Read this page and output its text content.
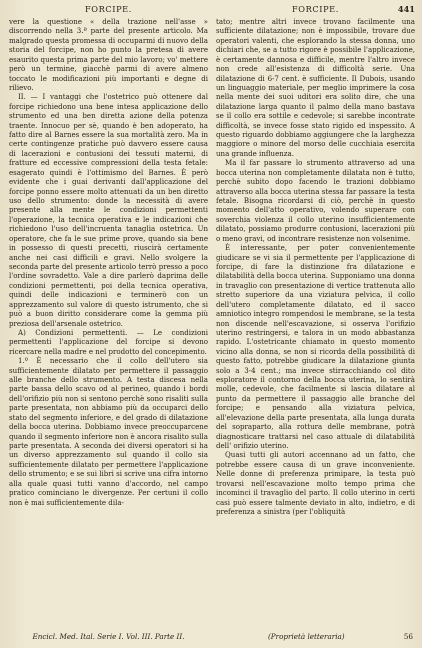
FORCIPE.	FORCIPE.	441

vere la questione « della trazione nell'asse » discorrendo nella 3.ª parte del presente articolo. Ma malgrado questa promessa di occuparmi di nuovo della storia del forcipe, non ho punto la pretesa di avere esaurito questa prima parte del mio lavoro; vo' mettere però un termine, giacchè parmi di avere almeno toccato le modificazioni più importanti e degne di rilievo.

II. — I vantaggi che l'ostetrico può ottenere dal forcipe richiedono una bene intesa applicazione dello strumento ed una ben diretta azione della potenza traente. Innocuo per sè, quando è ben adoperato, ha fatto dire al Barnes essere la sua mortalità zero. Ma in certe contingenze pratiche può davvero essere causa di lacerazioni e contusioni dei tessuti materni, di fratture ed eccessive compressioni della testa fetale: esagerato quindi è l'ottimismo del Barnes. È però evidente che i guai derivanti dall'applicazione del forcipe ponno essere molto attenuati da un ben diretto uso dello strumento: donde la necessità di avere presente alla mente le condizioni permettenti l'operazione, la tecnica operativa e le indicazioni che richiedono l'uso dell'incruenta tanaglia ostetrica. Un operatore, che fa le sue prime prove, quando sia bene in possesso di questi precetti, riuscirà certamente anche nei casi difficili e gravi. Nello svolgere la seconda parte del presente articolo terrò presso a poco l'ordine sovradetto. Vale a dire parlerò daprima delle condizioni permettenti, poi della tecnica operativa, quindi delle indicazioni e terminerò con un apprezzamento sul valore di questo istrumento, che si può a buon diritto considerare come la gemma più preziosa dell'arsenale ostetrico.

A) Condizioni permettenti. — Le condizioni permettenti l'applicazione del forcipe si devono ricercare nella madre e nel prodotto del concepimento.

1.º È necessario che il collo dell'utero sia sufficientemente dilatato per permettere il passaggio alle branche dello strumento. A testa discesa nella parte bassa dello scavo od al perineo, quando i bordi dell'orifizio più non si sentono perchè sono risaliti sulla parte presentata, non abbiamo più da occuparci dello stato del segmento inferiore, e del grado di dilatazione della bocca uterina. Dobbiamo invece preoccuparcene quando il segmento inferiore non è ancora risalito sulla parte presentata. A seconda dei diversi operatori si ha un diverso apprezzamento sul quando il collo sia sufficientemente dilatato per permettere l'applicazione dello strumento; e se sui libri si scrive una cifra intorno alla quale quasi tutti vanno d'accordo, nel campo pratico cominciano le divergenze. Per certuni il collo non è mai sufficientemente dila-

tato; mentre altri invece trovano facilmente una sufficiente dilatazione; non è impossibile, trovare due operatori valenti, che esplorando la stessa donna, uno dichiari che, se a tutto rigore è possibile l'applicazione, è certamente dannosa e difficile, mentre l'altro invece non crede all'esistenza di difficoltà serie. Una dilatazione di 6-7 cent. è sufficiente. Il Dubois, usando un linguaggio materiale, per meglio imprimere la cosa nella mente dei suoi uditori era solito dire, che una dilatazione larga quanto il palmo della mano bastava se il collo era sottile e cedevole; si sarebbe incontrate difficoltà, se invece fosse stato rigido ed inspessito. A questo riguardo dobbiamo aggiungere che la larghezza maggiore o minore del morso delle cucchiaia esercita una grande influenza.

Ma il far passare lo strumento attraverso ad una bocca uterina non completamente dilatata non è tutto, perchè subito dopo facendo le trazioni dobbiamo attraverso alla bocca uterina stessa far passare la testa fetale. Bisogna ricordarsi di ciò, perchè in questo momento dell'atto operativo, volendo superare con soverchia violenza il collo uterino insufficientemente dilatato, possiamo produrre contusioni, lacerazioni più o meno gravi, od incontrare resistenze non volsenime.

È interessante, per poter convenientemente giudicare se vi sia il permettente per l'applicazione di forcipe, di fare la distinzione fra dilatazione e dilatabilità della bocca uterina. Supponiamo una donna in travaglio con presentazione di vertice trattenuta allo stretto superiore da una viziatura pelvica, il collo dell'utero completamente dilatato, ed il sacco amniotico integro rompendosi le membrane, se la testa non discende nell'escavazione, si osserva l'orifizio uterino restringersi, e talora in un modo abbastanza rapido. L'ostetricante chiamato in questo momento vicino alla donna, se non si ricorda della possibilità di questo fatto, potrebbe giudicare la dilatazione giunta solo a 3-4 cent.; ma invece stirracchiando col dito esploratore il contorno della bocca uterina, lo sentirà molle, cedevole, che facilmente si lascia dilatare al punto da permettere il passaggio alle branche del forcipe; e pensando alla viziatura pelvica, all'elevazione della parte presentata, alla lunga durata del sopraparto, alla rottura delle membrane, potrà diagnosticare trattarsi nel caso attuale di dilatabilità dell' orifizio uterino.

Quasi tutti gli autori accennano ad un fatto, che potrebbe essere causa di un grave inconveniente. Nelle donne di preferenza primipare, la testa può trovarsi nell'escavazione molto tempo prima che incominci il travaglio del parto. Il collo uterino in certi casi può essere talmente deviato in alto, indietro, e di preferenza a sinistra (per l'obliquità

Encicl. Med. Ital. Serie I. Vol. III. Parte II.	(Proprietà letteraria)	56
